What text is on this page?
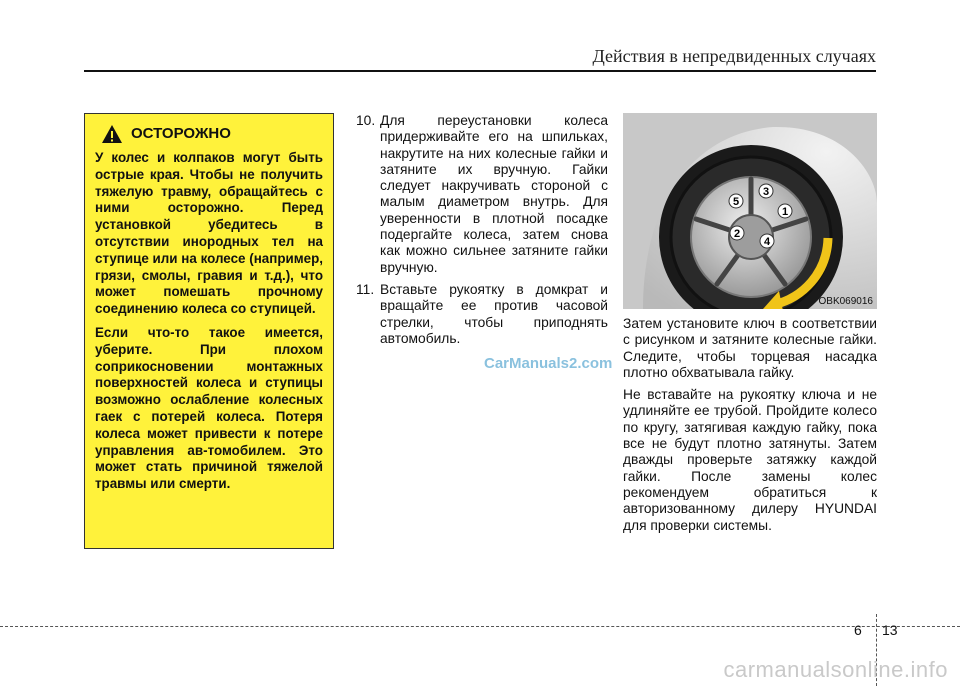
Действия в непредвиденных случаях
ОСТОРОЖНО

У колес и колпаков могут быть острые края. Чтобы не получить тяжелую травму, обращайтесь с ними осторожно. Перед установкой убедитесь в отсутствии инородных тел на ступице или на колесе (например, грязи, смолы, гравия и т.д.), что может помешать прочному соединению колеса со ступицей.

Если что-то такое имеется, уберите. При плохом соприкосновении монтажных поверхностей колеса и ступицы возможно ослабление колесных гаек с потерей колеса. Потеря колеса может привести к потере управления ав-томобилем. Это может стать причиной тяжелой травмы или смерти.

10. Для переустановки колеса придерживайте его на шпильках, накрутите на них колесные гайки и затяните их вручную. Гайки следует накручивать стороной с малым диаметром внутрь. Для уверенности в плотной посадке подергайте колеса, затем снова как можно сильнее затяните гайки вручную.
11. Вставьте рукоятку в домкрат и вращайте ее против часовой стрелки, чтобы приподнять автомобиль.
CarManuals2.com
1
2
3
4
5
OBK069016

Затем установите ключ в соответствии с рисунком и затяните колесные гайки. Следите, чтобы торцевая насадка плотно обхватывала гайку.

Не вставайте на рукоятку ключа и не удлиняйте ее трубой. Пройдите колесо по кругу, затягивая каждую гайку, пока все не будут плотно затянуты. Затем дважды проверьте затяжку каждой гайки. После замены колес рекомендуем обратиться к авторизованному дилеру HYUNDAI для проверки системы.

6 13
carmanualsonline.info
